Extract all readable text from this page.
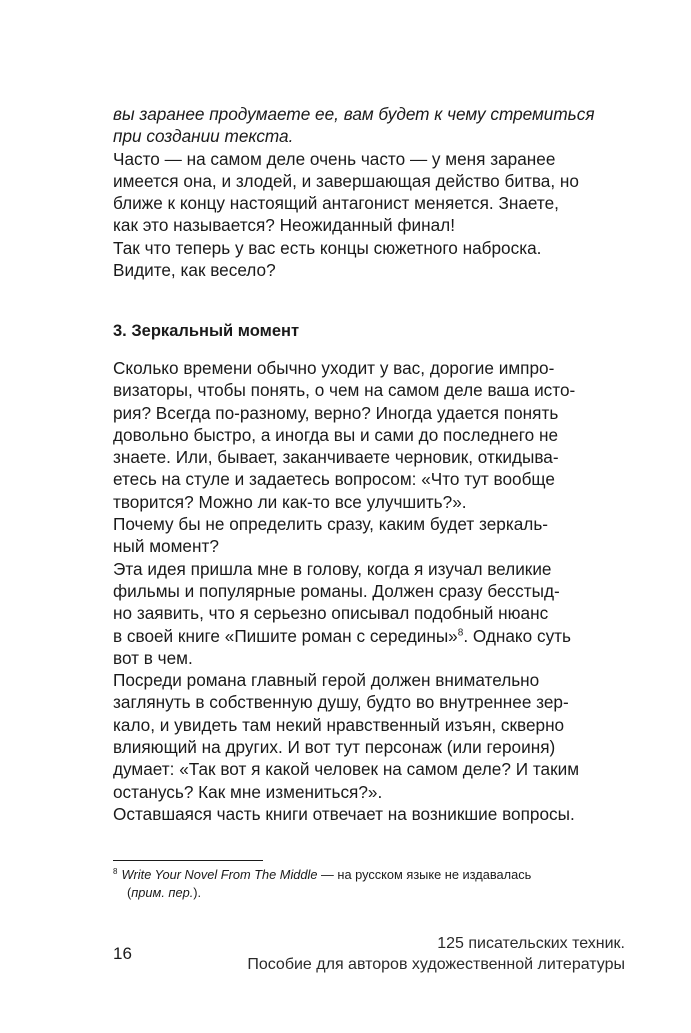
вы заранее продумаете ее, вам будет к чему стремиться
при создании текста.
Часто — на самом деле очень часто — у меня заранее
имеется она, и злодей, и завершающая действо битва, но
ближе к концу настоящий антагонист меняется. Знаете,
как это называется? Неожиданный финал!
Так что теперь у вас есть концы сюжетного наброска.
Видите, как весело?
3. Зеркальный момент
Сколько времени обычно уходит у вас, дорогие импро-
визаторы, чтобы понять, о чем на самом деле ваша исто-
рия? Всегда по-разному, верно? Иногда удается понять
довольно быстро, а иногда вы и сами до последнего не
знаете. Или, бывает, заканчиваете черновик, откидыва-
етесь на стуле и задаетесь вопросом: «Что тут вообще
творится? Можно ли как-то все улучшить?».
Почему бы не определить сразу, каким будет зеркаль-
ный момент?
Эта идея пришла мне в голову, когда я изучал великие
фильмы и популярные романы. Должен сразу бесстыд-
но заявить, что я серьезно описывал подобный нюанс
в своей книге «Пишите роман с середины»$^8$. Однако суть
вот в чем.
Посреди романа главный герой должен внимательно
заглянуть в собственную душу, будто во внутреннее зер-
кало, и увидеть там некий нравственный изъян, скверно
влияющий на других. И вот тут персонаж (или героиня)
думает: «Так вот я какой человек на самом деле? И таким
останусь? Как мне измениться?».
Оставшаяся часть книги отвечает на возникшие вопросы.
$^8$ Write Your Novel From The Middle — на русском языке не издавалась
(прим. пер.).
16
125 писательских техник.
Пособие для авторов художественной литературы
